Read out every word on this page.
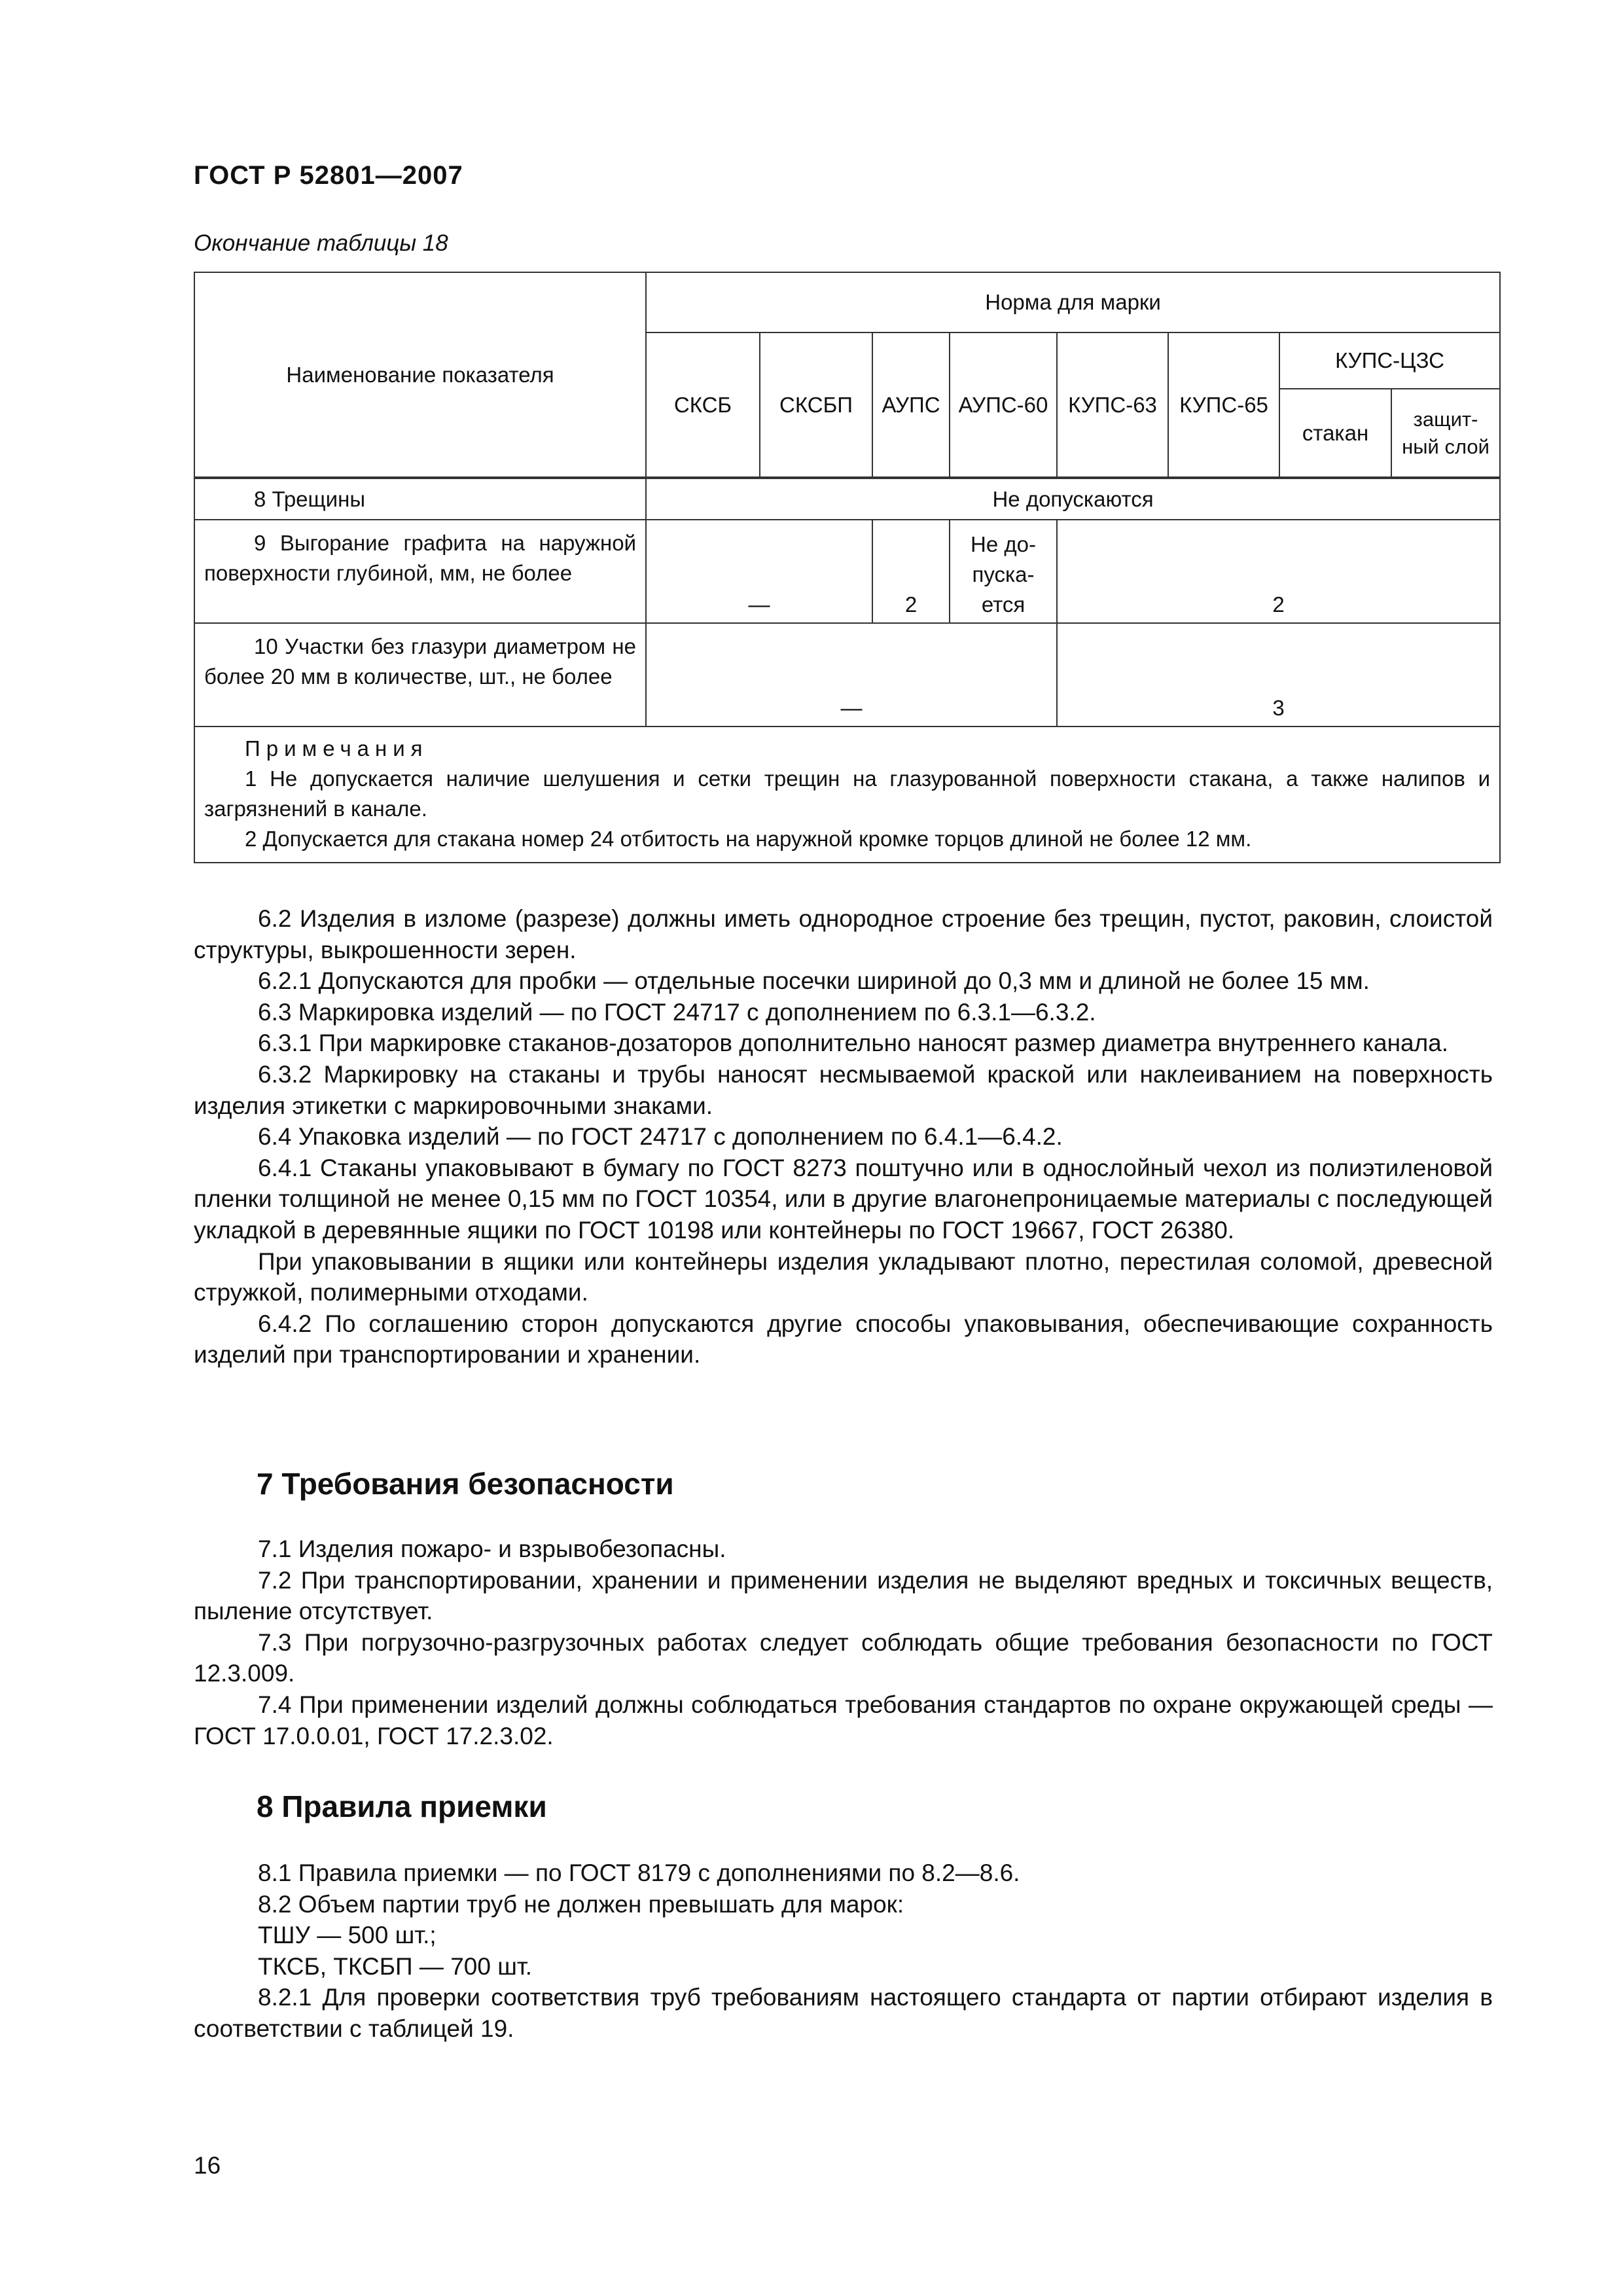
ГОСТ Р 52801—2007
Окончание таблицы 18
Наименование показателя	Норма для марки							
	СКСБ	СКСБП	АУПС	АУПС-60	КУПС-63	КУПС-65	КУПС-ЦЗС	
							стакан	защит-
ный слой
8 Трещины	Не допускаются							
9 Выгорание графита на наружной поверхности глубиной, мм, не более	—		2	Не до-
пуска-
ется	2			
10 Участки без глазури диаметром не более 20 мм в количестве, шт., не более	—				3			

Примечания
1 Не допускается наличие шелушения и сетки трещин на глазурованной поверхности стакана, а также налипов и загрязнений в канале.
2 Допускается для стакана номер 24 отбитость на наружной кромке торцов длиной не более 12 мм.								

6.2 Изделия в изломе (разрезе) должны иметь однородное строение без трещин, пустот, раковин, слоистой структуры, выкрошенности зерен.

6.2.1 Допускаются для пробки — отдельные посечки шириной до 0,3 мм и длиной не более 15 мм.

6.3 Маркировка изделий — по ГОСТ 24717 с дополнением по 6.3.1—6.3.2.

6.3.1 При маркировке стаканов-дозаторов дополнительно наносят размер диаметра внутреннего канала.

6.3.2 Маркировку на стаканы и трубы наносят несмываемой краской или наклеиванием на поверхность изделия этикетки с маркировочными знаками.

6.4 Упаковка изделий — по ГОСТ 24717 с дополнением по 6.4.1—6.4.2.

6.4.1 Стаканы упаковывают в бумагу по ГОСТ 8273 поштучно или в однослойный чехол из полиэтиленовой пленки толщиной не менее 0,15 мм по ГОСТ 10354, или в другие влагонепроницаемые материалы с последующей укладкой в деревянные ящики по ГОСТ 10198 или контейнеры по ГОСТ 19667, ГОСТ 26380.

При упаковывании в ящики или контейнеры изделия укладывают плотно, перестилая соломой, древесной стружкой, полимерными отходами.

6.4.2 По соглашению сторон допускаются другие способы упаковывания, обеспечивающие сохранность изделий при транспортировании и хранении.

7 Требования безопасности

7.1 Изделия пожаро- и взрывобезопасны.

7.2 При транспортировании, хранении и применении изделия не выделяют вредных и токсичных веществ, пыление отсутствует.

7.3 При погрузочно-разгрузочных работах следует соблюдать общие требования безопасности по ГОСТ 12.3.009.

7.4 При применении изделий должны соблюдаться требования стандартов по охране окружающей среды — ГОСТ 17.0.0.01, ГОСТ 17.2.3.02.

8 Правила приемки

8.1 Правила приемки — по ГОСТ 8179 с дополнениями по 8.2—8.6.

8.2 Объем партии труб не должен превышать для марок:

ТШУ — 500 шт.;

ТКСБ, ТКСБП — 700 шт.

8.2.1 Для проверки соответствия труб требованиям настоящего стандарта от партии отбирают изделия в соответствии с таблицей 19.

16
